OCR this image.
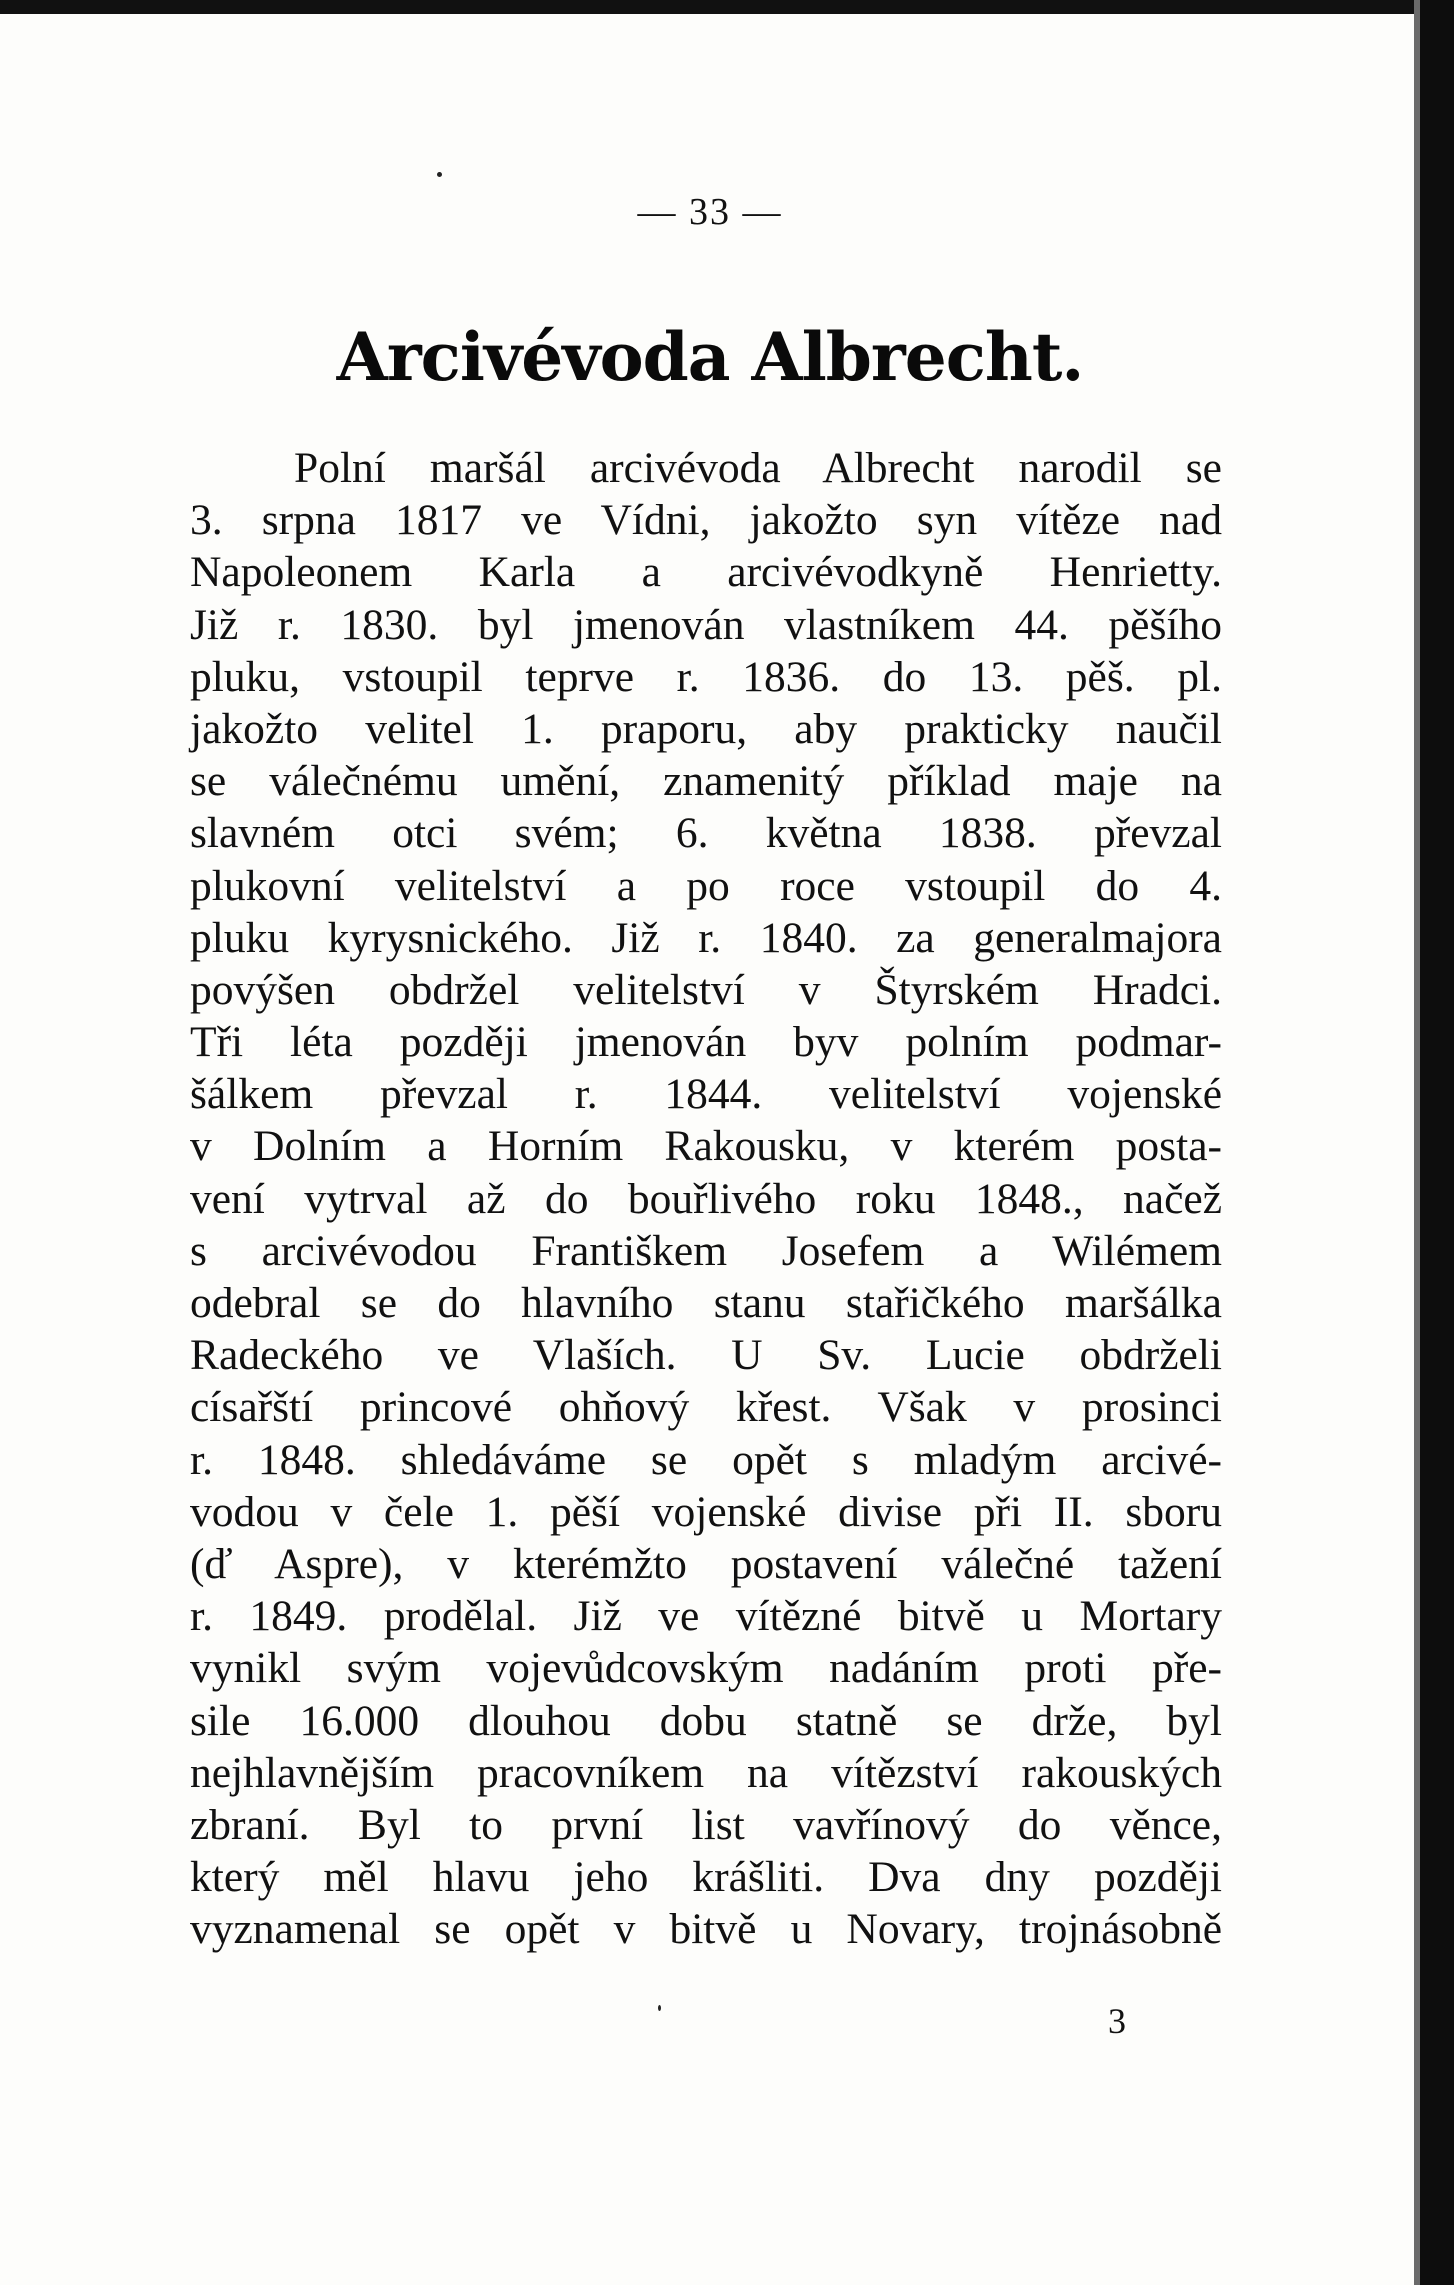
— 33 —
Arcivévoda Albrecht.
Polní maršál arcivévoda Albrecht narodil se
3. srpna 1817 ve Vídni, jakožto syn vítěze nad
Napoleonem Karla a arcivévodkyně Henrietty.
Již r. 1830. byl jmenován vlastníkem 44. pěšího
pluku, vstoupil teprve r. 1836. do 13. pěš. pl.
jakožto velitel 1. praporu, aby prakticky naučil
se válečnému umění, znamenitý příklad maje na
slavném otci svém; 6. května 1838. převzal
plukovní velitelství a po roce vstoupil do 4.
pluku kyrysnického. Již r. 1840. za generalmajora
povýšen obdržel velitelství v Štyrském Hradci.
Tři léta později jmenován byv polním podmar-
šálkem převzal r. 1844. velitelství vojenské
v Dolním a Horním Rakousku, v kterém posta-
vení vytrval až do bouřlivého roku 1848., načež
s arcivévodou Františkem Josefem a Wilémem
odebral se do hlavního stanu stařičkého maršálka
Radeckého ve Vlaších. U Sv. Lucie obdrželi
císařští princové ohňový křest. Však v prosinci
r. 1848. shledáváme se opět s mladým arcivé-
vodou v čele 1. pěší vojenské divise při II. sboru
(ď Aspre), v kterémžto postavení válečné tažení
r. 1849. prodělal. Již ve vítězné bitvě u Mortary
vynikl svým vojevůdcovským nadáním proti pře-
sile 16.000 dlouhou dobu statně se drže, byl
nejhlavnějším pracovníkem na vítězství rakouských
zbraní. Byl to první list vavřínový do věnce,
který měl hlavu jeho krášliti. Dva dny později
vyznamenal se opět v bitvě u Novary, trojnásobně
3
